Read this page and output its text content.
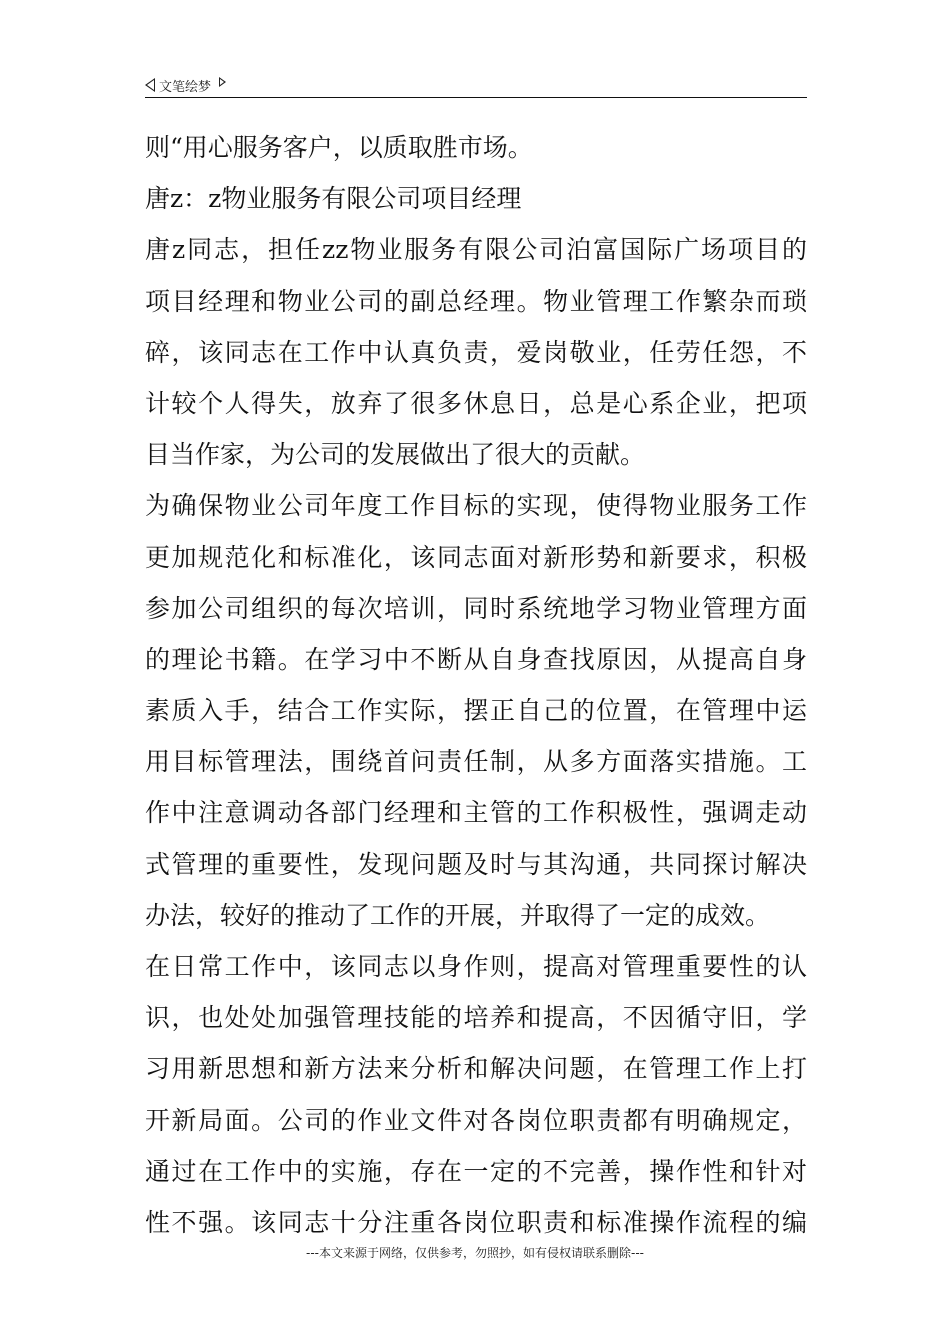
文笔绘梦
则“用心服务客户，以质取胜市场。
唐z：z物业服务有限公司项目经理
唐z同志，担任zz物业服务有限公司泊富国际广场项目的
项目经理和物业公司的副总经理。物业管理工作繁杂而琐
碎，该同志在工作中认真负责，爱岗敬业，任劳任怨，不
计较个人得失，放弃了很多休息日，总是心系企业，把项
目当作家，为公司的发展做出了很大的贡献。
为确保物业公司年度工作目标的实现，使得物业服务工作
更加规范化和标准化，该同志面对新形势和新要求，积极
参加公司组织的每次培训，同时系统地学习物业管理方面
的理论书籍。在学习中不断从自身查找原因，从提高自身
素质入手，结合工作实际，摆正自己的位置，在管理中运
用目标管理法，围绕首问责任制，从多方面落实措施。工
作中注意调动各部门经理和主管的工作积极性，强调走动
式管理的重要性，发现问题及时与其沟通，共同探讨解决
办法，较好的推动了工作的开展，并取得了一定的成效。
在日常工作中，该同志以身作则，提高对管理重要性的认
识，也处处加强管理技能的培养和提高，不因循守旧，学
习用新思想和新方法来分析和解决问题，在管理工作上打
开新局面。公司的作业文件对各岗位职责都有明确规定，
通过在工作中的实施，存在一定的不完善，操作性和针对
性不强。该同志十分注重各岗位职责和标准操作流程的编
---本文来源于网络，仅供参考，勿照抄，如有侵权请联系删除---
